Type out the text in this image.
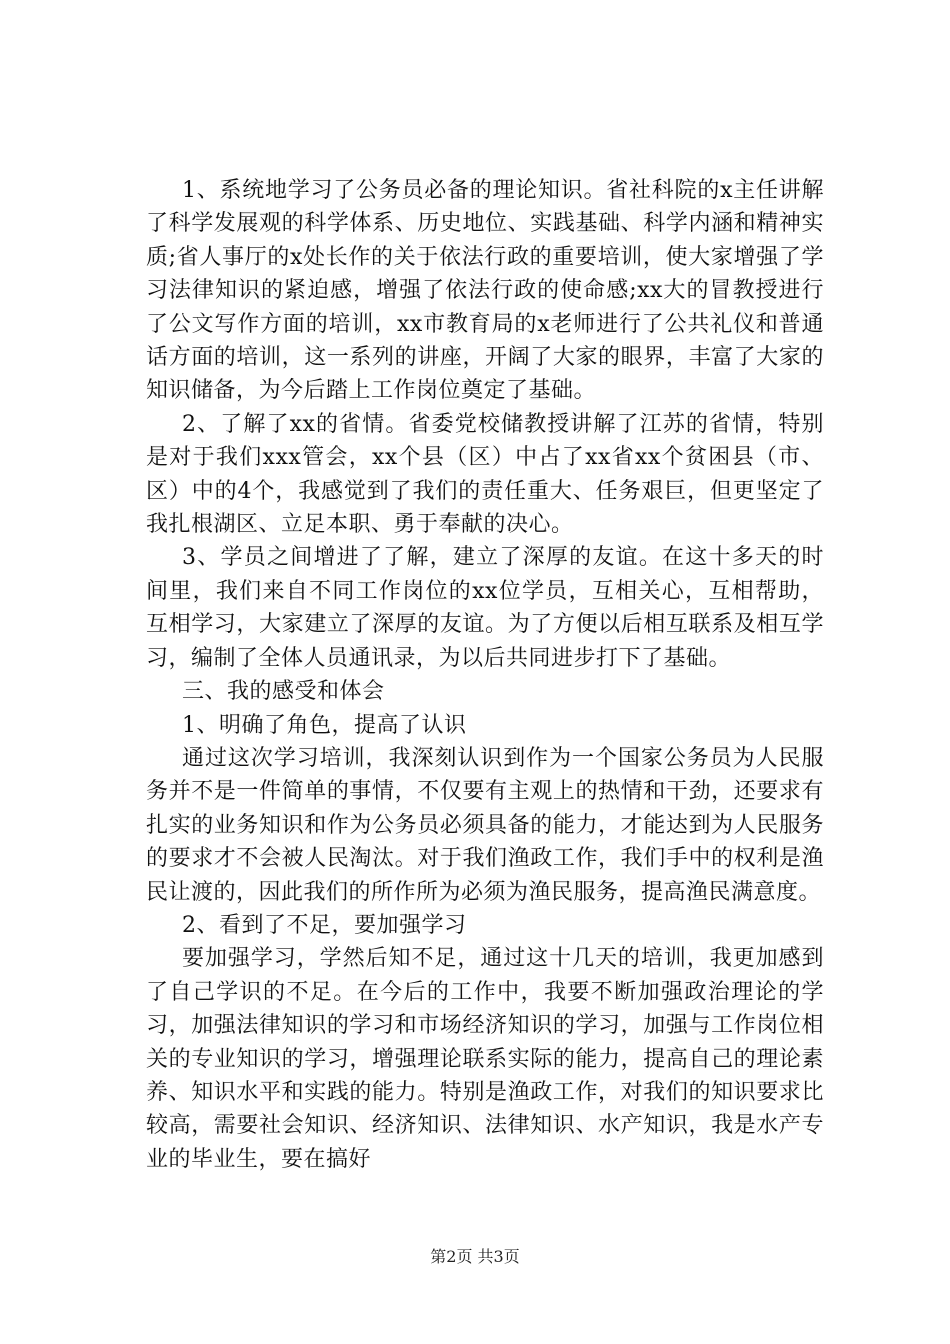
1、系统地学习了公务员必备的理论知识。省社科院的x主任讲解了科学发展观的科学体系、历史地位、实践基础、科学内涵和精神实质;省人事厅的x处长作的关于依法行政的重要培训，使大家增强了学习法律知识的紧迫感，增强了依法行政的使命感;xx大的冒教授进行了公文写作方面的培训，xx市教育局的x老师进行了公共礼仪和普通话方面的培训，这一系列的讲座，开阔了大家的眼界，丰富了大家的知识储备，为今后踏上工作岗位奠定了基础。

2、了解了xx的省情。省委党校储教授讲解了江苏的省情，特别是对于我们xxx管会，xx个县（区）中占了xx省xx个贫困县（市、区）中的4个，我感觉到了我们的责任重大、任务艰巨，但更坚定了我扎根湖区、立足本职、勇于奉献的决心。

3、学员之间增进了了解，建立了深厚的友谊。在这十多天的时间里，我们来自不同工作岗位的xx位学员，互相关心，互相帮助，互相学习，大家建立了深厚的友谊。为了方便以后相互联系及相互学习，编制了全体人员通讯录，为以后共同进步打下了基础。

三、我的感受和体会

1、明确了角色，提高了认识

通过这次学习培训，我深刻认识到作为一个国家公务员为人民服务并不是一件简单的事情，不仅要有主观上的热情和干劲，还要求有扎实的业务知识和作为公务员必须具备的能力，才能达到为人民服务的要求才不会被人民淘汰。对于我们渔政工作，我们手中的权利是渔民让渡的，因此我们的所作所为必须为渔民服务，提高渔民满意度。

2、看到了不足，要加强学习

要加强学习，学然后知不足，通过这十几天的培训，我更加感到了自己学识的不足。在今后的工作中，我要不断加强政治理论的学习，加强法律知识的学习和市场经济知识的学习，加强与工作岗位相关的专业知识的学习，增强理论联系实际的能力，提高自己的理论素养、知识水平和实践的能力。特别是渔政工作，对我们的知识要求比较高，需要社会知识、经济知识、法律知识、水产知识，我是水产专业的毕业生，要在搞好

第2页 共3页
